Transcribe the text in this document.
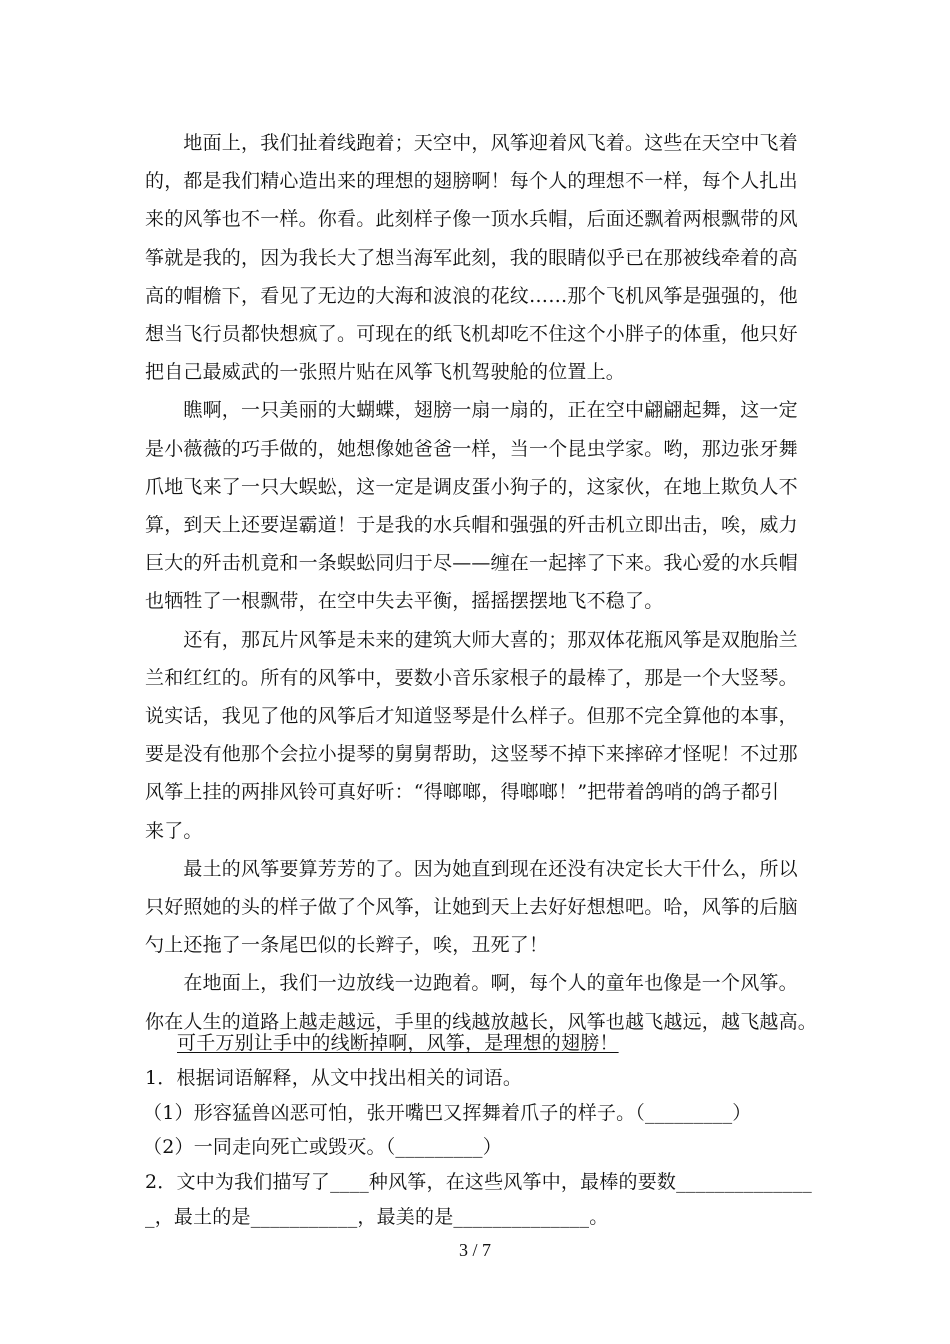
　　地面上，我们扯着线跑着；天空中，风筝迎着风飞着。这些在天空中飞着
的，都是我们精心造出来的理想的翅膀啊！每个人的理想不一样，每个人扎出
来的风筝也不一样。你看。此刻样子像一顶水兵帽，后面还飘着两根飘带的风
筝就是我的，因为我长大了想当海军此刻，我的眼睛似乎已在那被线牵着的高
高的帽檐下，看见了无边的大海和波浪的花纹……那个飞机风筝是强强的，他
想当飞行员都快想疯了。可现在的纸飞机却吃不住这个小胖子的体重，他只好
把自己最威武的一张照片贴在风筝飞机驾驶舱的位置上。
　　瞧啊，一只美丽的大蝴蝶，翅膀一扇一扇的，正在空中翩翩起舞，这一定
是小薇薇的巧手做的，她想像她爸爸一样，当一个昆虫学家。哟，那边张牙舞
爪地飞来了一只大蜈蚣，这一定是调皮蛋小狗子的，这家伙，在地上欺负人不
算，到天上还要逞霸道！于是我的水兵帽和强强的歼击机立即出击，唉，威力
巨大的歼击机竟和一条蜈蚣同归于尽——缠在一起摔了下来。我心爱的水兵帽
也牺牲了一根飘带，在空中失去平衡，摇摇摆摆地飞不稳了。
　　还有，那瓦片风筝是未来的建筑大师大喜的；那双体花瓶风筝是双胞胎兰
兰和红红的。所有的风筝中，要数小音乐家根子的最棒了，那是一个大竖琴。
说实话，我见了他的风筝后才知道竖琴是什么样子。但那不完全算他的本事，
要是没有他那个会拉小提琴的舅舅帮助，这竖琴不掉下来摔碎才怪呢！不过那
风筝上挂的两排风铃可真好听：“得啷啷，得啷啷！”把带着鸽哨的鸽子都引
来了。
　　最土的风筝要算芳芳的了。因为她直到现在还没有决定长大干什么，所以
只好照她的头的样子做了个风筝，让她到天上去好好想想吧。哈，风筝的后脑
勺上还拖了一条尾巴似的长辫子，唉，丑死了！
　　在地面上，我们一边放线一边跑着。啊，每个人的童年也像是一个风筝。
你在人生的道路上越走越远，手里的线越放越长，风筝也越飞越远，越飞越高。
可千万别让手中的线断掉啊，风筝，是理想的翅膀！
1．根据词语解释，从文中找出相关的词语。
（1）形容猛兽凶恶可怕，张开嘴巴又挥舞着爪子的样子。（_________）
（2）一同走向死亡或毁灭。（_________）
2．文中为我们描写了____种风筝，在这些风筝中，最棒的要数______________
_，最土的是___________，最美的是______________。
3 / 7
